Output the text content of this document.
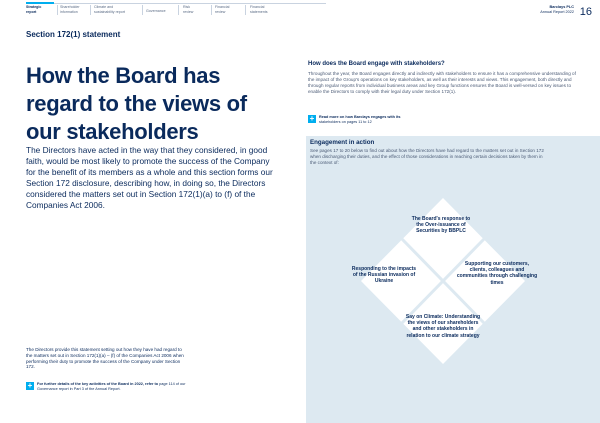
Strategic
report
Shareholder
information
Climate and
sustainability report	Governance
Risk
review
Financial
review
Financial
statements
Barclays PLC
Annual Report 2022 16
Section 172(1) statement
How the Board has regard to the views of our stakeholders
The Directors have acted in the way that they considered, in good faith, would be most likely to promote the success of the Company for the benefit of its members as a whole and this section forms our Section 172 disclosure, describing how, in doing so, the Directors considered the matters set out in Section 172(1)(a) to (f) of the Companies Act 2006.
The Directors provide this statement setting out how they have had regard to the matters set out in Section 172(1)(a) – (f) of the Companies Act 2006 when performing their duty to promote the success of the Company under Section 172.
+	For further details of the key activities of the Board in 2022, refer to page 114 of our Governance report in Part 3 of the Annual Report.
How does the Board engage with stakeholders?
Throughout the year, the Board engages directly and indirectly with stakeholders to ensure it has a comprehensive understanding of the impact of the Group's operations on key stakeholders, as well as their interests and views. This engagement, both directly and through regular reports from individual business areas and key Group functions ensures the Board is well-versed on key issues to enable the Directors to comply with their legal duty under Section 172(1).
+	Read more on how Barclays engages with its
stakeholders on pages 11 to 12
Engagement in action
See pages 17 to 20 below to find out about how the Directors have had regard to the matters set out in Section 172 when discharging their duties, and the effect of those considerations in reaching certain decisions taken by them in the context of:
The Board's response to the Over-issuance of Securities by BBPLC
Responding to the impacts of the Russian invasion of Ukraine
Supporting our customers, clients, colleagues and communities through challenging times
Say on Climate: Understanding the views of our shareholders and other stakeholders in relation to our climate strategy
